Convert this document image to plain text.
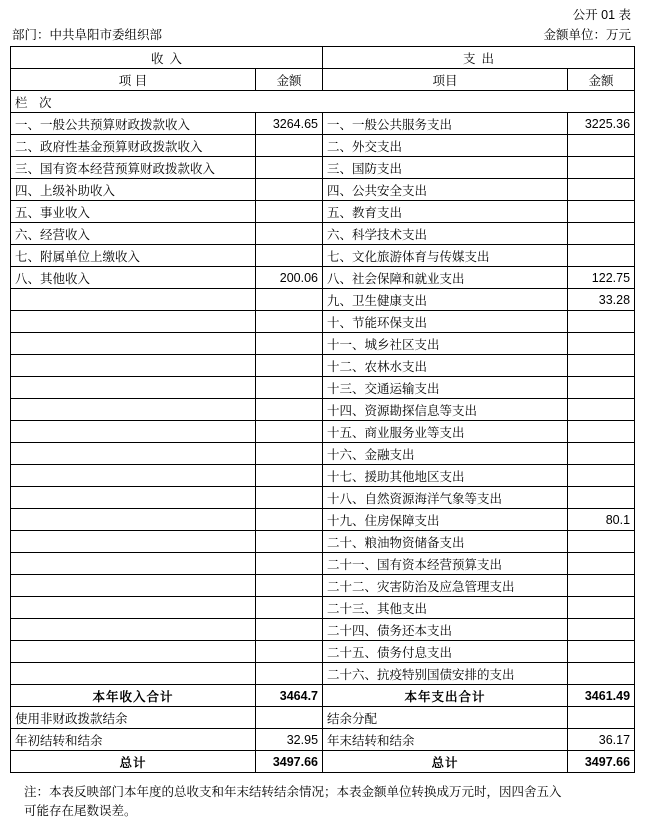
公开 01 表
部门：中共阜阳市委组织部	金额单位：万元
收入		支出	
项 目	金额	项目	金额
栏 次			
一、一般公共预算财政拨款收入	3264.65	一、一般公共服务支出	3225.36
二、政府性基金预算财政拨款收入		二、外交支出	
三、国有资本经营预算财政拨款收入		三、国防支出	
四、上级补助收入		四、公共安全支出	
五、事业收入		五、教育支出	
六、经营收入		六、科学技术支出	
七、附属单位上缴收入		七、文化旅游体育与传媒支出	
八、其他收入	200.06	八、社会保障和就业支出	122.75
		九、卫生健康支出	33.28
		十、节能环保支出	
		十一、城乡社区支出	
		十二、农林水支出	
		十三、交通运输支出	
		十四、资源勘探信息等支出	
		十五、商业服务业等支出	
		十六、金融支出	
		十七、援助其他地区支出	
		十八、自然资源海洋气象等支出	
		十九、住房保障支出	80.1
		二十、粮油物资储备支出	
		二十一、国有资本经营预算支出	
		二十二、灾害防治及应急管理支出	
		二十三、其他支出	
		二十四、债务还本支出	
		二十五、债务付息支出	
		二十六、抗疫特别国债安排的支出	
本年收入合计	3464.7	本年支出合计	3461.49
使用非财政拨款结余		结余分配	
年初结转和结余	32.95	年末结转和结余	36.17
总计	3497.66	总计	3497.66
注：本表反映部门本年度的总收支和年末结转结余情况；本表金额单位转换成万元时，因四舍五入
可能存在尾数误差。
